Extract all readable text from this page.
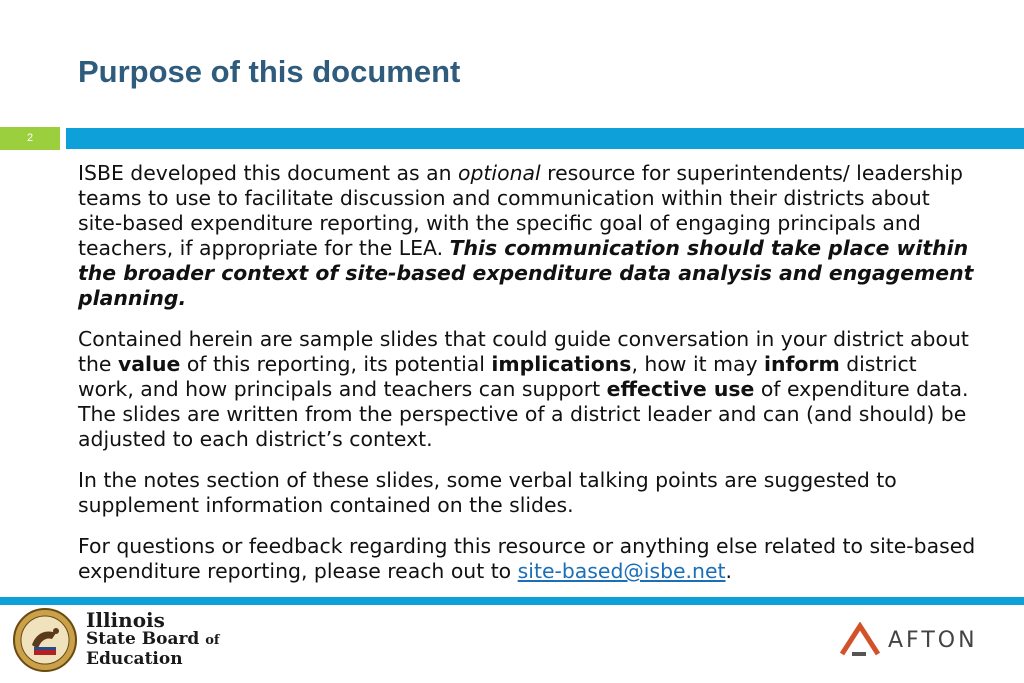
Purpose of this document
2

ISBE developed this document as an optional resource for superintendents/ leadership teams to use to facilitate discussion and communication within their districts about site-based expenditure reporting, with the specific goal of engaging principals and teachers, if appropriate for the LEA. This communication should take place within the broader context of site-based expenditure data analysis and engagement planning.

Contained herein are sample slides that could guide conversation in your district about the value of this reporting, its potential implications, how it may inform district work, and how principals and teachers can support effective use of expenditure data. The slides are written from the perspective of a district leader and can (and should) be adjusted to each district’s context.

In the notes section of these slides, some verbal talking points are suggested to supplement information contained on the slides.

For questions or feedback regarding this resource or anything else related to site-based expenditure reporting, please reach out to site-based@isbe.net.

Illinois
State Board of
Education
AFTON
